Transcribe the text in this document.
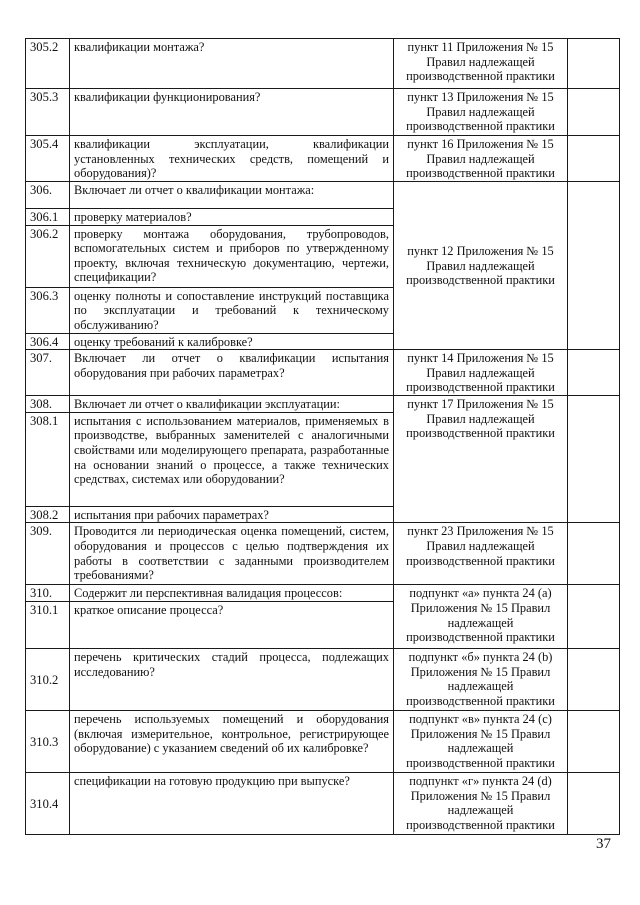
305.2	квалификации монтажа?	пункт 11 Приложения № 15 Правил надлежащей производственной практики	
305.3	квалификации функционирования?	пункт 13 Приложения № 15 Правил надлежащей производственной практики	
305.4	квалификации эксплуатации, квалификации установленных технических средств, помещений и оборудования)?	пункт 16 Приложения № 15 Правил надлежащей производственной практики	
306.	Включает ли отчет о квалификации монтажа:	пункт 12 Приложения № 15 Правил надлежащей производственной практики	
306.1	проверку материалов?		
306.2	проверку монтажа оборудования, трубопроводов, вспомогательных систем и приборов по утвержденному проекту, включая техническую документацию, чертежи, спецификации?		
306.3	оценку полноты и сопоставление инструкций поставщика по эксплуатации и требований к техническому обслуживанию?		
306.4	оценку требований к калибровке?		
307.	Включает ли отчет о квалификации испытания оборудования при рабочих параметрах?	пункт 14 Приложения № 15 Правил надлежащей производственной практики	
308.	Включает ли отчет о квалификации эксплуатации:	пункт 17 Приложения № 15 Правил надлежащей производственной практики	
308.1	испытания с использованием материалов, применяемых в производстве, выбранных заменителей с аналогичными свойствами или моделирующего препарата, разработанные на основании знаний о процессе, а также технических средствах, системах или оборудовании?		
308.2	испытания при рабочих параметрах?		
309.	Проводится ли периодическая оценка помещений, систем, оборудования и процессов с целью подтверждения их работы в соответствии с заданными производителем требованиями?	пункт 23 Приложения № 15 Правил надлежащей производственной практики	
310.	Содержит ли перспективная валидация процессов:	подпункт «а» пункта 24 (а) Приложения № 15 Правил надлежащей производственной практики	
310.1	краткое описание процесса?		
310.2	перечень критических стадий процесса, подлежащих исследованию?	подпункт «б» пункта 24 (b) Приложения № 15 Правил надлежащей производственной практики	
310.3	перечень используемых помещений и оборудования (включая измерительное, контрольное, регистрирующее оборудование) с указанием сведений об их калибровке?	подпункт «в» пункта 24 (c) Приложения № 15 Правил надлежащей производственной практики	
310.4	спецификации на готовую продукцию при выпуске?	подпункт «г» пункта 24 (d) Приложения № 15 Правил надлежащей производственной практики	
37
